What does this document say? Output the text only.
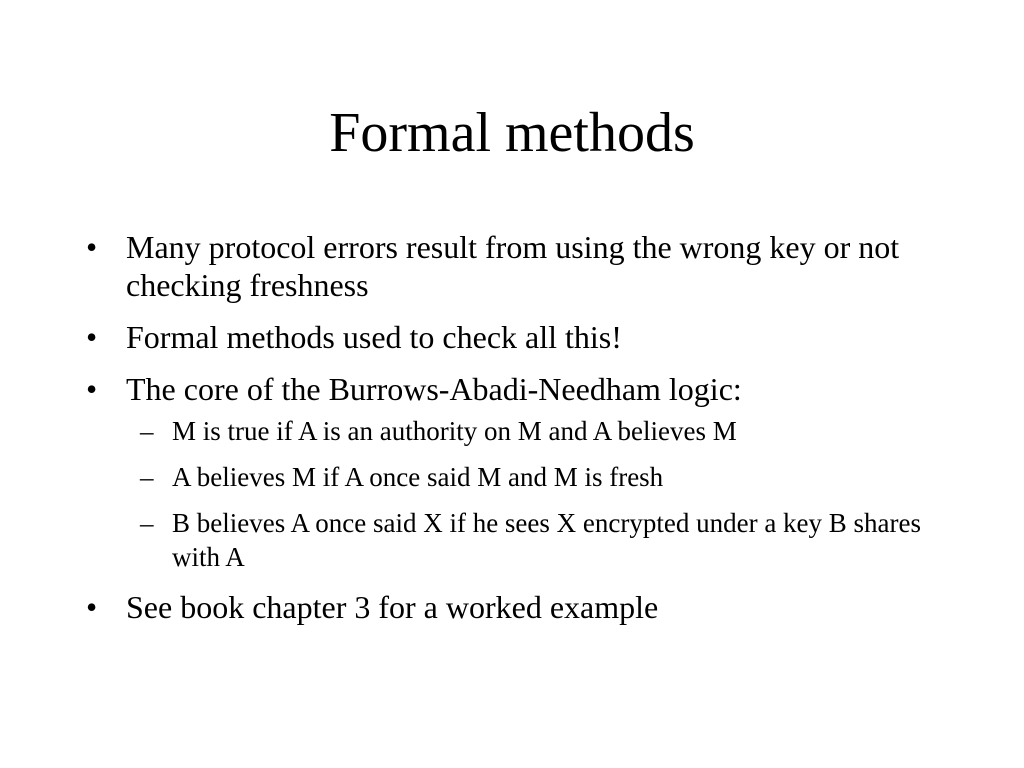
Formal methods
• Many protocol errors result from using the wrong key or not checking freshness
• Formal methods used to check all this!
• The core of the Burrows-Abadi-Needham logic:
– M is true if A is an authority on M and A believes M
– A believes M if A once said M and M is fresh
– B believes A once said X if he sees X encrypted under a key B shares with A
• See book chapter 3 for a worked example
